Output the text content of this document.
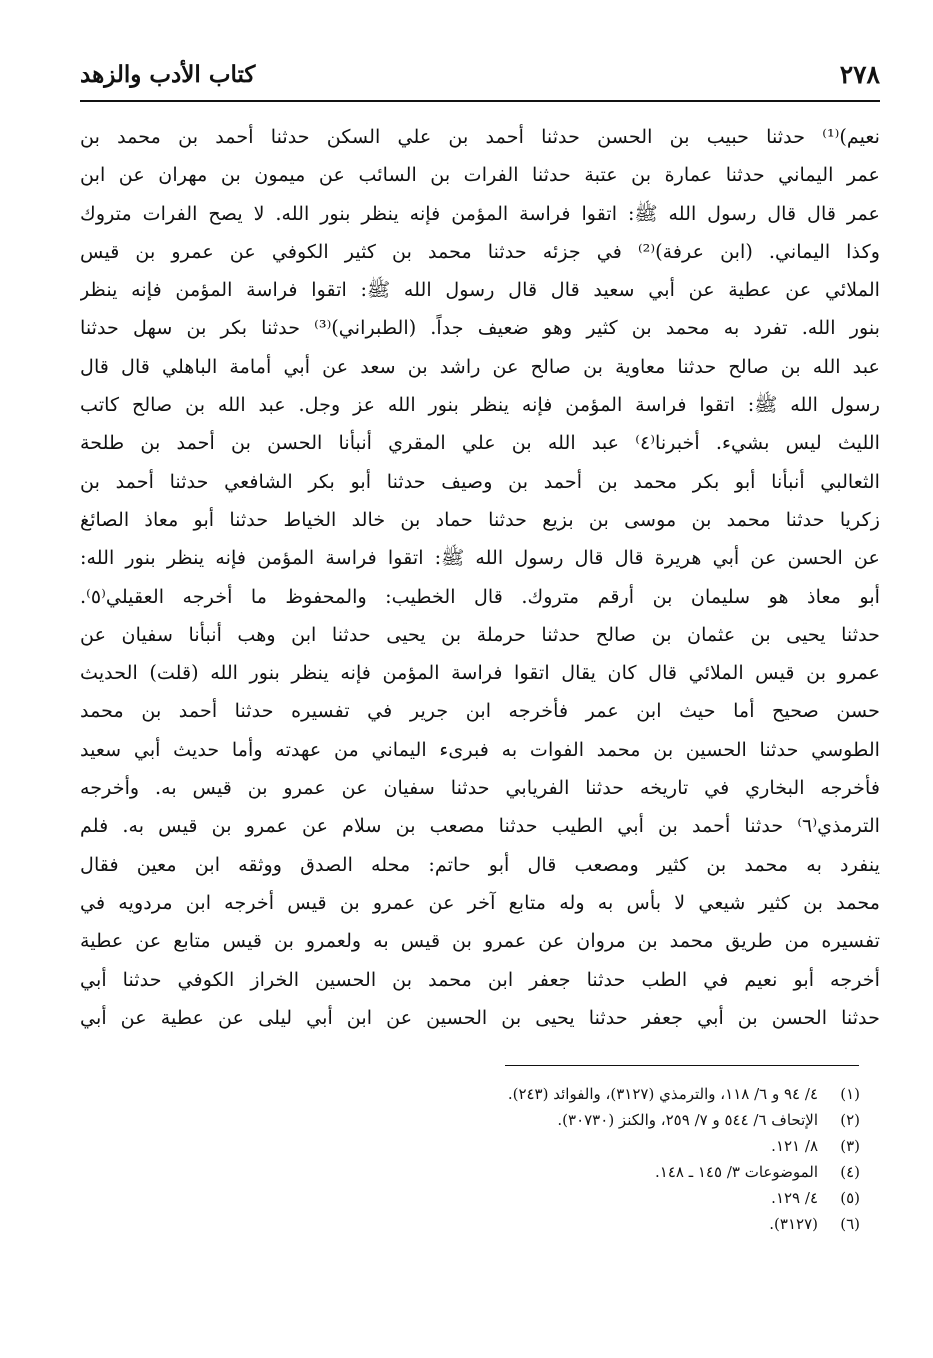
٢٧٨
كتاب الأدب والزهد
نعيم)⁽¹⁾ حدثنا حبيب بن الحسن حدثنا أحمد بن علي السكن حدثنا أحمد بن محمد بن
عمر اليماني حدثنا عمارة بن عتبة حدثنا الفرات بن السائب عن ميمون بن مهران عن ابن
عمر قال قال رسول الله ﷺ: اتقوا فراسة المؤمن فإنه ينظر بنور الله. لا يصح الفرات متروك
وكذا اليماني. (ابن عرفة)⁽²⁾ في جزئه حدثنا محمد بن كثير الكوفي عن عمرو بن قيس
الملائي عن عطية عن أبي سعيد قال قال رسول الله ﷺ: اتقوا فراسة المؤمن فإنه ينظر
بنور الله. تفرد به محمد بن كثير وهو ضعيف جداً. (الطبراني)⁽³⁾ حدثنا بكر بن سهل حدثنا
عبد الله بن صالح حدثنا معاوية بن صالح عن راشد بن سعد عن أبي أمامة الباهلي قال قال
رسول الله ﷺ: اتقوا فراسة المؤمن فإنه ينظر بنور الله عز وجل. عبد الله بن صالح كاتب
الليث ليس بشيء. أخبرنا⁽٤⁾ عبد الله بن علي المقري أنبأنا الحسن بن أحمد بن طلحة
الثعالبي أنبأنا أبو بكر محمد بن أحمد بن وصيف حدثنا أبو بكر الشافعي حدثنا أحمد بن
زكريا حدثنا محمد بن موسى بن بزيع حدثنا حماد بن خالد الخياط حدثنا أبو معاذ الصائغ
عن الحسن عن أبي هريرة قال قال رسول الله ﷺ: اتقوا فراسة المؤمن فإنه ينظر بنور الله:
أبو معاذ هو سليمان بن أرقم متروك. قال الخطيب: والمحفوظ ما أخرجه العقيلي⁽٥⁾.
حدثنا يحيى بن عثمان بن صالح حدثنا حرملة بن يحيى حدثنا ابن وهب أنبأنا سفيان عن
عمرو بن قيس الملائي قال كان يقال اتقوا فراسة المؤمن فإنه ينظر بنور الله (قلت) الحديث
حسن صحيح أما حيث ابن عمر فأخرجه ابن جرير في تفسيره حدثنا أحمد بن محمد
الطوسي حدثنا الحسين بن محمد الفوات به فبرىء اليماني من عهدته وأما حديث أبي سعيد
فأخرجه البخاري في تاريخه حدثنا الفريابي حدثنا سفيان عن عمرو بن قيس به. وأخرجه
الترمذي⁽٦⁾ حدثنا أحمد بن أبي الطيب حدثنا مصعب بن سلام عن عمرو بن قيس به. فلم
ينفرد به محمد بن كثير ومصعب قال أبو حاتم: محله الصدق ووثقه ابن معين فقال
محمد بن كثير شيعي لا بأس به وله متابع آخر عن عمرو بن قيس أخرجه ابن مردويه في
تفسيره من طريق محمد بن مروان عن عمرو بن قيس به ولعمرو بن قيس متابع عن عطية
أخرجه أبو نعيم في الطب حدثنا جعفر ابن محمد بن الحسين الخراز الكوفي حدثنا أبي
حدثنا الحسن بن أبي جعفر حدثنا يحيى بن الحسين عن ابن أبي ليلى عن عطية عن أبي
(١)٤/ ٩٤ و ٦/ ١١٨، والترمذي (٣١٢٧)، والفوائد (٢٤٣).
(٢)الإتحاف ٦/ ٥٤٤ و ٧/ ٢٥٩، والكنز (٣٠٧٣٠).
(٣)٨/ ١٢١.
(٤)الموضوعات ٣/ ١٤٥ ـ ١٤٨.
(٥)٤/ ١٢٩.
(٦)(٣١٢٧).
